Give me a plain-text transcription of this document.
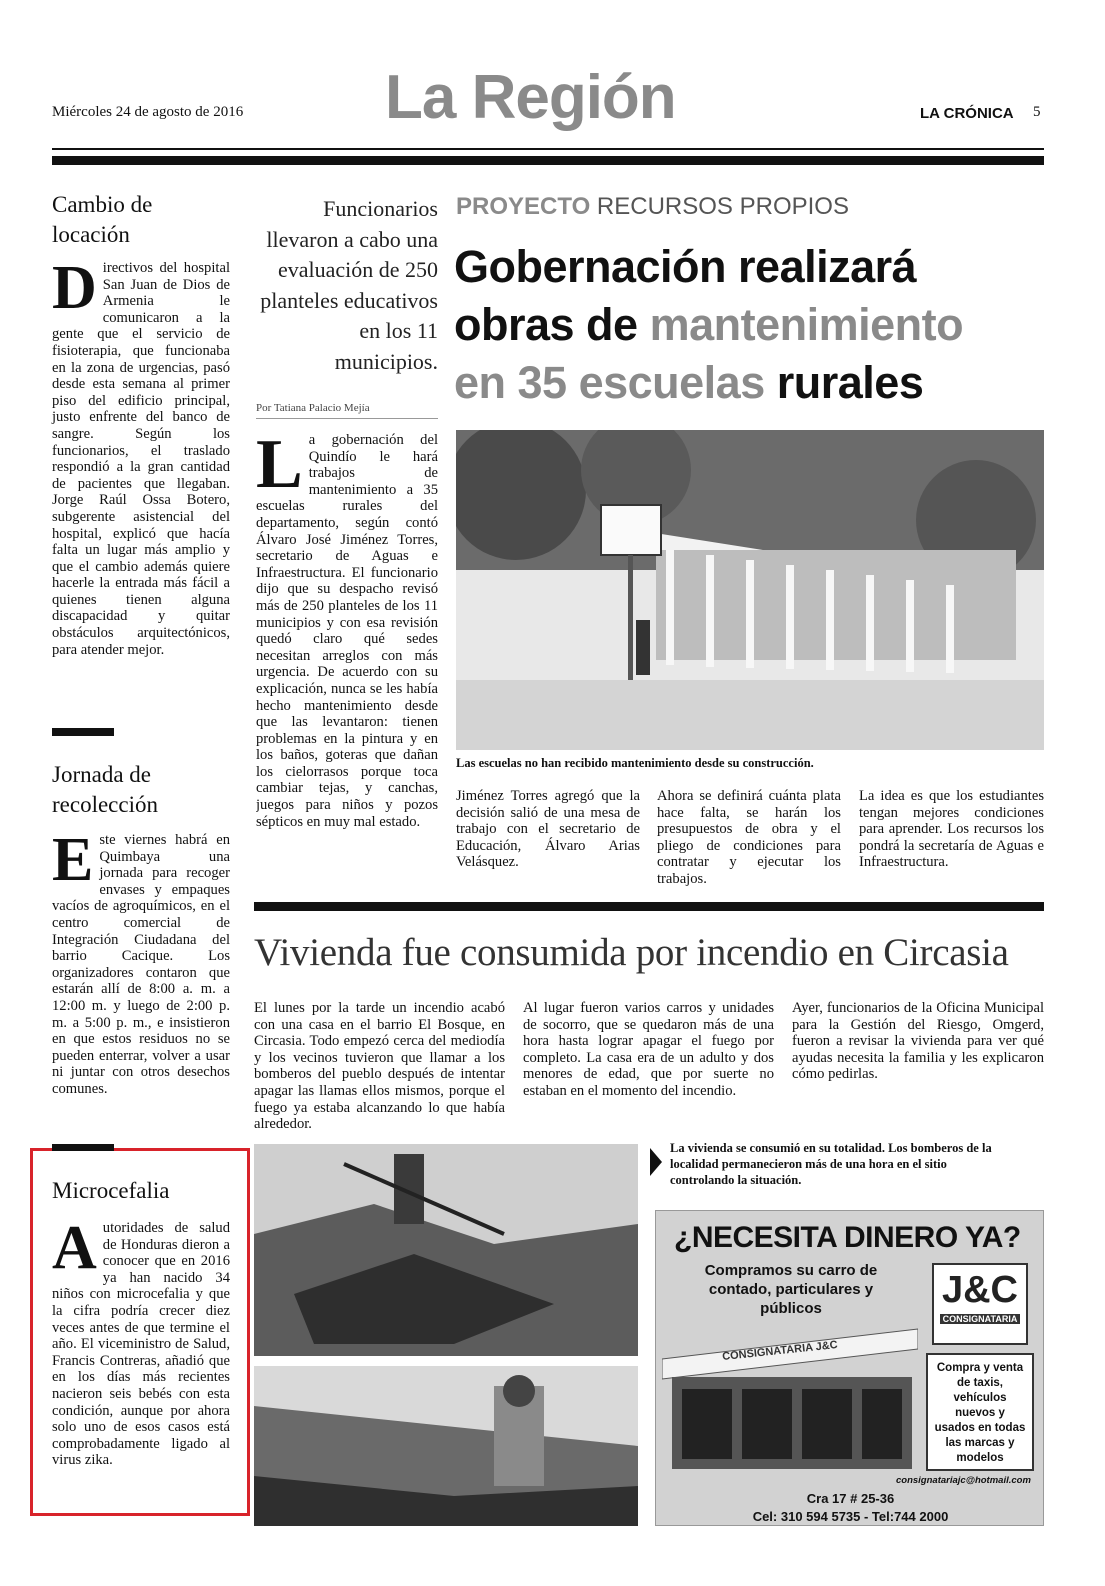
Miércoles 24 de agosto de 2016 La Región	LA CRÓNICA 5
Cambio de
locación
D irectivos del hospital San Juan de Dios de Armenia le comunicaron a la gente que el servicio de fisioterapia, que funcionaba en la zona de urgencias, pasó desde esta semana al primer piso del edificio principal, justo enfrente del banco de sangre. Según los funcionarios, el traslado respondió a la gran cantidad de pacientes que llegaban. Jorge Raúl Ossa Botero, subgerente asistencial del hospital, explicó que hacía falta un lugar más amplio y que el cambio además quiere hacerle la entrada más fácil a quienes tienen alguna discapacidad y quitar obstáculos arquitectónicos, para atender mejor.
Jornada de
recolección
E ste viernes habrá en Quimbaya una jornada para recoger envases y empaques vacíos de agroquímicos, en el centro comercial de Integración Ciudadana del barrio Cacique. Los organizadores contaron que estarán allí de 8:00 a. m. a 12:00 m. y luego de 2:00 p. m. a 5:00 p. m., e insistieron en que estos residuos no se pueden enterrar, volver a usar ni juntar con otros desechos comunes.
Microcefalia
A utoridades de salud de Honduras dieron a conocer que en 2016 ya han nacido 34 niños con microcefalia y que la cifra podría crecer diez veces antes de que termine el año. El viceministro de Salud, Francis Contreras, añadió que en los días más recientes nacieron seis bebés con esta condición, aunque por ahora solo uno de esos casos está comprobadamente ligado al virus zika.
Funcionarios llevaron a cabo una evaluación de 250 planteles educativos en los 11 municipios.
Por Tatiana Palacio Mejía
PROYECTO RECURSOS PROPIOS
Gobernación realizará
obras de mantenimiento
en 35 escuelas rurales
L a gobernación del Quindío le hará trabajos de mantenimiento a 35 escuelas rurales del departamento, según contó Álvaro José Jiménez Torres, secretario de Aguas e Infraestructura. El funcionario dijo que su despacho revisó más de 250 planteles de los 11 municipios y con esa revisión quedó claro qué sedes necesitan arreglos con más urgencia. De acuerdo con su explicación, nunca se les había hecho mantenimiento desde que las levantaron: tienen problemas en la pintura y en los baños, goteras que dañan los cielorrasos porque toca cambiar tejas, y canchas, juegos para niños y pozos sépticos en muy mal estado.
Las escuelas no han recibido mantenimiento desde su construcción.
Jiménez Torres agregó que la decisión salió de una mesa de trabajo con el secretario de Educación, Álvaro Arias Velásquez.
Ahora se definirá cuánta plata hace falta, se harán los presupuestos de obra y el pliego de condiciones para contratar y ejecutar los trabajos.
La idea es que los estudiantes tengan mejores condiciones para aprender. Los recursos los pondrá la secretaría de Aguas e Infraestructura.
Vivienda fue consumida por incendio en Circasia
El lunes por la tarde un incendio acabó con una casa en el barrio El Bosque, en Circasia. Todo empezó cerca del mediodía y los vecinos tuvieron que llamar a los bomberos del pueblo después de intentar apagar las llamas ellos mismos, porque el fuego ya estaba alcanzando lo que había alrededor.
Al lugar fueron varios carros y unidades de socorro, que se quedaron más de una hora hasta lograr apagar el fuego por completo. La casa era de un adulto y dos menores de edad, que por suerte no estaban en el momento del incendio.
Ayer, funcionarios de la Oficina Municipal para la Gestión del Riesgo, Omgerd, fueron a revisar la vivienda para ver qué ayudas necesita la familia y les explicaron cómo pedirlas.
La vivienda se consumió en su totalidad. Los bomberos de la localidad permanecieron más de una hora en el sitio controlando la situación.
¿NECESITA DINERO YA?
Compramos su carro de contado, particulares y públicos	J&C
CONSIGNATARIA
CONSIGNATARIA J&C
Compra y venta de taxis, vehículos nuevos y usados en todas las marcas y modelos
consignatariajc@hotmail.com
Cra 17 # 25-36
Cel: 310 594 5735 - Tel:744 2000
